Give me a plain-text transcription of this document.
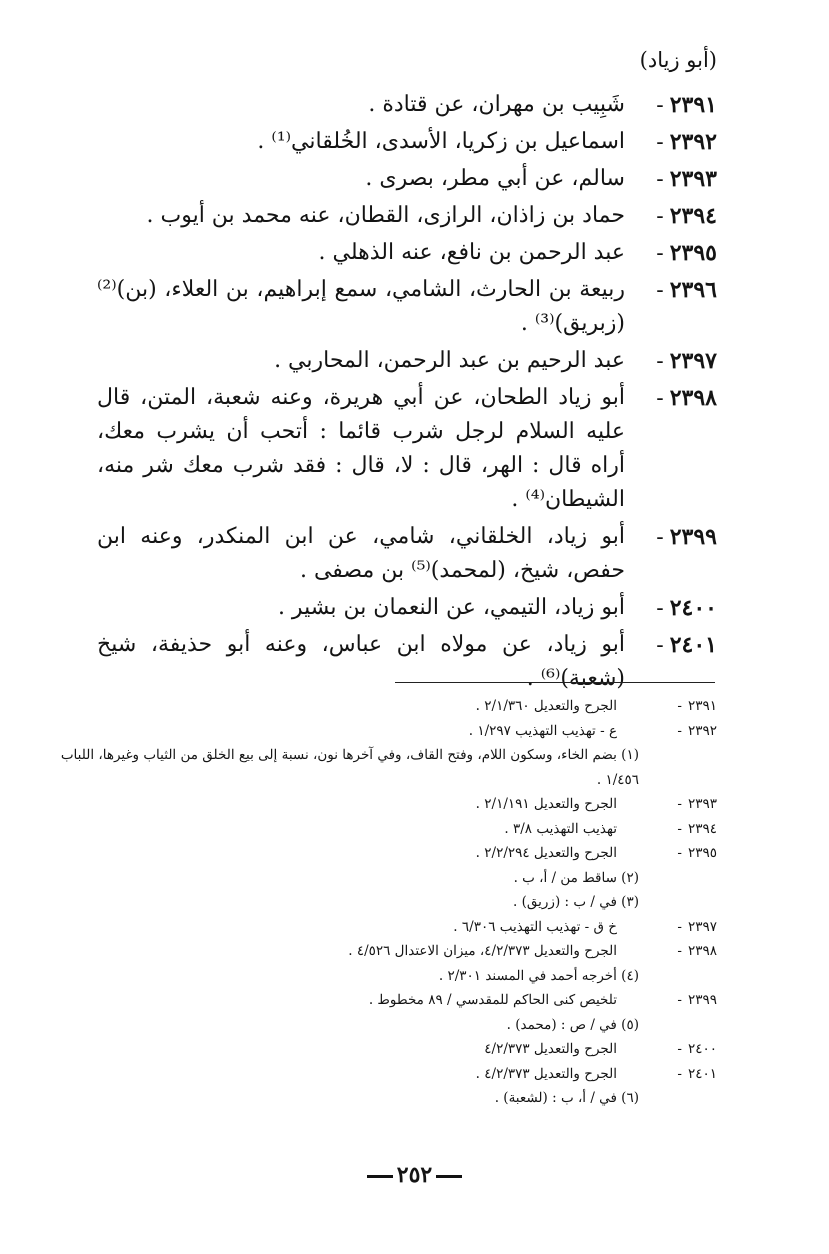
(أبو زياد)
٢٣٩١-
شَبِيب بن مهران، عن قتادة .
٢٣٩٢-
اسماعيل بن زكريا، الأسدى، الخُلقاني⁽¹⁾ .
٢٣٩٣-
سالم، عن أبي مطر، بصرى .
٢٣٩٤-
حماد بن زاذان، الرازى، القطان، عنه محمد بن أيوب .
٢٣٩٥-
عبد الرحمن بن نافع، عنه الذهلي .
٢٣٩٦-
ربيعة بن الحارث، الشامي، سمع إبراهيم، بن العلاء، (بن)⁽²⁾ (زبريق)⁽³⁾ .
٢٣٩٧-
عبد الرحيم بن عبد الرحمن، المحاربي .
٢٣٩٨-
أبو زياد الطحان، عن أبي هريرة، وعنه شعبة، المتن، قال عليه السلام لرجل شرب قائما : أتحب أن يشرب معك، أراه قال : الهر، قال : لا، قال : فقد شرب معك شر منه، الشيطان⁽⁴⁾ .
٢٣٩٩-
أبو زياد، الخلقاني، شامي، عن ابن المنكدر، وعنه ابن حفص، شيخ، (لمحمد)⁽⁵⁾ بن مصفى .
٢٤٠٠-
أبو زياد، التيمي، عن النعمان بن بشير .
٢٤٠١-
أبو زياد، عن مولاه ابن عباس، وعنه أبو حذيفة، شيخ (شعبة)⁽⁶⁾ .
٢٣٩١-
الجرح والتعديل ٢/١/٣٦٠ .
٢٣٩٢-
ع - تهذيب التهذيب ١/٢٩٧ .
(١) بضم الخاء، وسكون اللام، وفتح القاف، وفي آخرها نون، نسبة إلى بيع الخلق من الثياب وغيرها، اللباب ١/٤٥٦ .
٢٣٩٣-
الجرح والتعديل ٢/١/١٩١ .
٢٣٩٤-
تهذيب التهذيب ٣/٨ .
٢٣٩٥-
الجرح والتعديل ٢/٢/٢٩٤ .
(٢) ساقط من / أ، ب .
(٣) في / ب : (زريق) .
٢٣٩٧-
خ ق - تهذيب التهذيب ٦/٣٠٦ .
٢٣٩٨-
الجرح والتعديل ٤/٢/٣٧٣، ميزان الاعتدال ٤/٥٢٦ .
(٤) أخرجه أحمد في المسند ٢/٣٠١ .
٢٣٩٩-
تلخيص كنى الحاكم للمقدسي / ٨٩ مخطوط .
(٥) في / ص : (محمد) .
٢٤٠٠-
الجرح والتعديل ٤/٢/٣٧٣
٢٤٠١-
الجرح والتعديل ٤/٢/٣٧٣ .
(٦) في / أ، ب : (لشعبة) .
٢٥٢
